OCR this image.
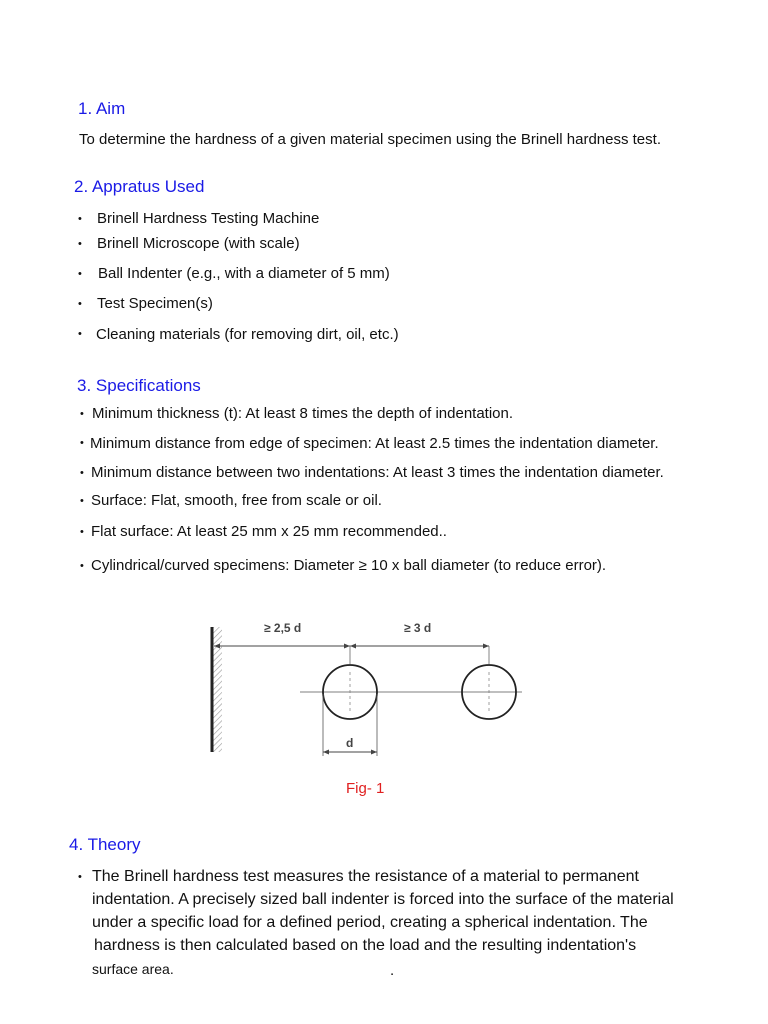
1. Aim
To determine the hardness of a given material specimen using the Brinell hardness test.
2. Appratus Used
• Brinell Hardness Testing Machine
• Brinell Microscope (with scale)
• Ball Indenter (e.g., with a diameter of 5 mm)
• Test Specimen(s)
• Cleaning materials (for removing dirt, oil, etc.)
3. Specifications
• Minimum thickness (t): At least 8 times the depth of indentation.
• Minimum distance from edge of specimen: At least 2.5 times the indentation diameter.
• Minimum distance between two indentations: At least 3 times the indentation diameter.
• Surface: Flat, smooth, free from scale or oil.
• Flat surface: At least 25 mm x 25 mm recommended..
• Cylindrical/curved specimens: Diameter ≥ 10 x ball diameter (to reduce error).
≥ 2,5 d	≥ 3 d
d
Fig- 1
4. Theory
• The Brinell hardness test measures the resistance of a material to permanent
indentation. A precisely sized ball indenter is forced into the surface of the material
under a specific load for a defined period, creating a spherical indentation. The
hardness is then calculated based on the load and the resulting indentation's
surface area.	.
